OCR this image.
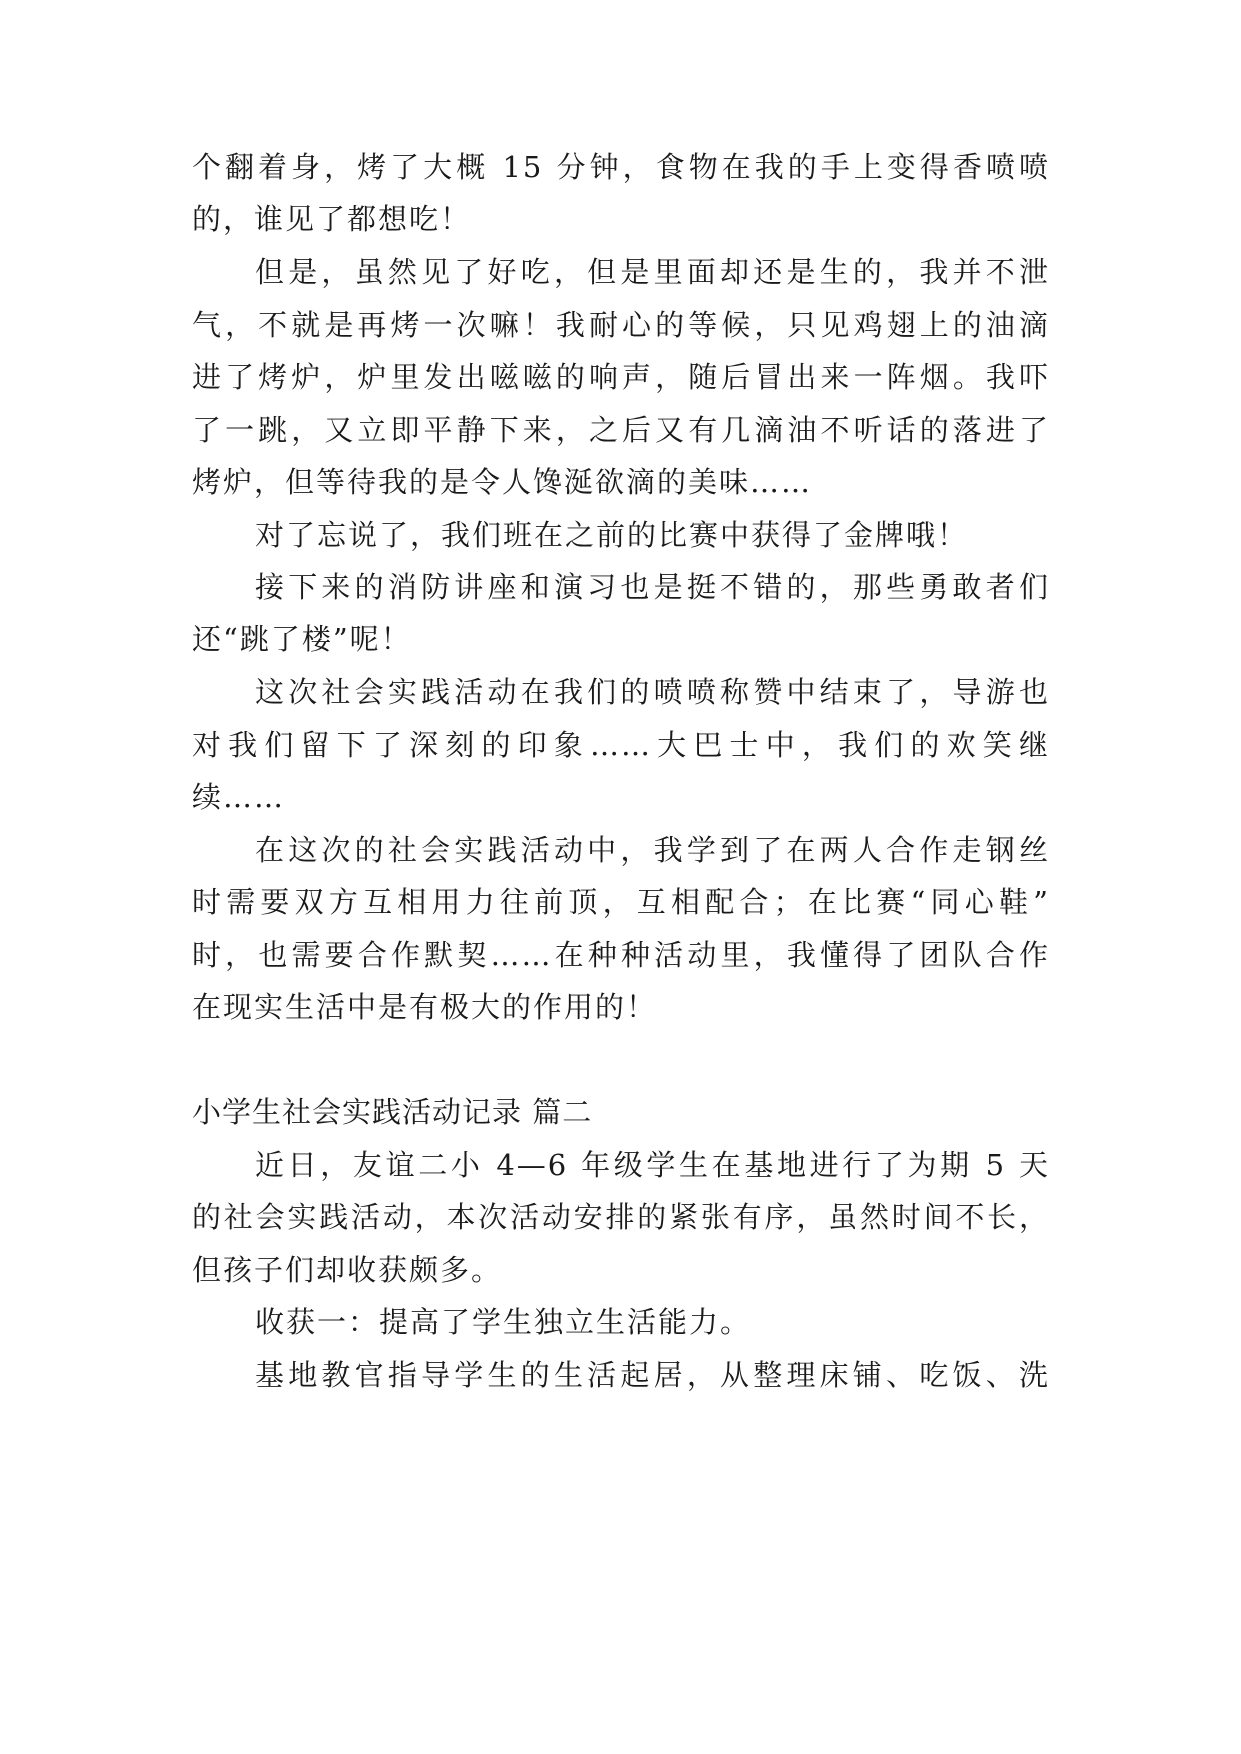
个翻着身，烤了大概 15 分钟，食物在我的手上变得香喷喷
的，谁见了都想吃！
但是，虽然见了好吃，但是里面却还是生的，我并不泄
气，不就是再烤一次嘛！我耐心的等候，只见鸡翅上的油滴
进了烤炉，炉里发出嗞嗞的响声，随后冒出来一阵烟。我吓
了一跳，又立即平静下来，之后又有几滴油不听话的落进了
烤炉，但等待我的是令人馋涎欲滴的美味……
对了忘说了，我们班在之前的比赛中获得了金牌哦！
接下来的消防讲座和演习也是挺不错的，那些勇敢者们
还“跳了楼”呢！
这次社会实践活动在我们的喷喷称赞中结束了，导游也
对我们留下了深刻的印象……大巴士中，我们的欢笑继
续……
在这次的社会实践活动中，我学到了在两人合作走钢丝
时需要双方互相用力往前顶，互相配合；在比赛“同心鞋”
时，也需要合作默契……在种种活动里，我懂得了团队合作
在现实生活中是有极大的作用的！
小学生社会实践活动记录 篇二
近日，友谊二小 4—6 年级学生在基地进行了为期 5 天
的社会实践活动，本次活动安排的紧张有序，虽然时间不长，
但孩子们却收获颇多。
收获一：提高了学生独立生活能力。
基地教官指导学生的生活起居，从整理床铺、吃饭、洗
